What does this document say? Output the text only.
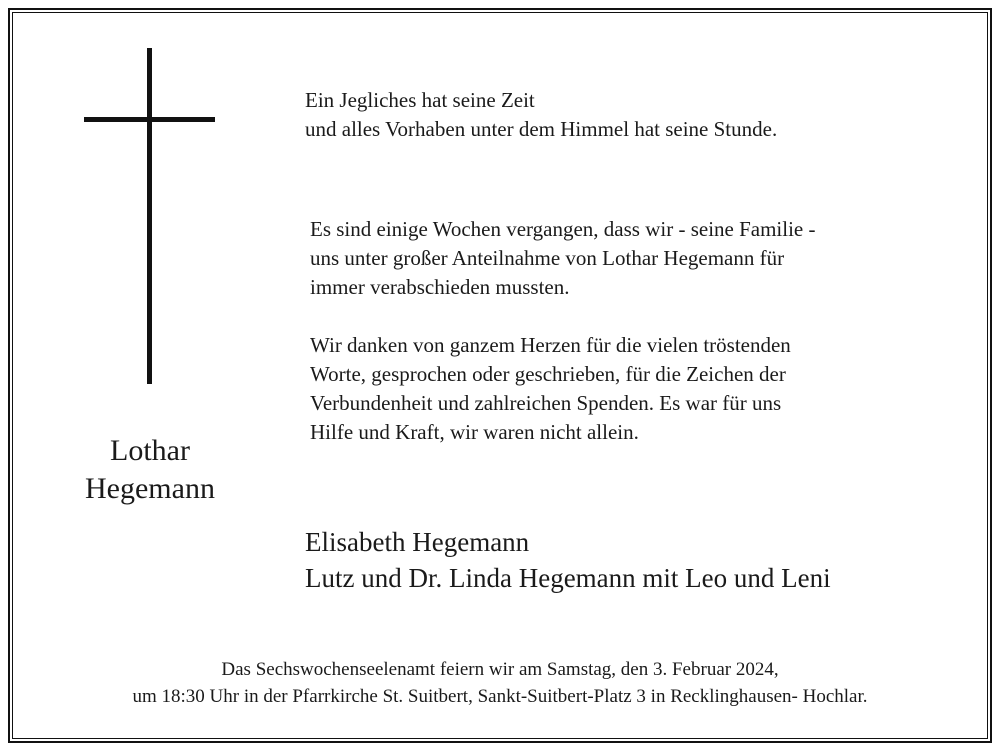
Lothar
Hegemann
Ein Jegliches hat seine Zeit
und alles Vorhaben unter dem Himmel hat seine Stunde.

Es sind einige Wochen vergangen, dass wir - seine Familie -
uns unter großer Anteilnahme von Lothar Hegemann für
immer verabschieden mussten.

Wir danken von ganzem Herzen für die vielen tröstenden
Worte, gesprochen oder geschrieben, für die Zeichen der
Verbundenheit und zahlreichen Spenden. Es war für uns
Hilfe und Kraft, wir waren nicht allein.

Elisabeth Hegemann
Lutz und Dr. Linda Hegemann mit Leo und Leni
Das Sechswochenseelenamt feiern wir am Samstag, den 3. Februar 2024,
um 18:30 Uhr in der Pfarrkirche St. Suitbert, Sankt-Suitbert-Platz 3 in Recklinghausen- Hochlar.
